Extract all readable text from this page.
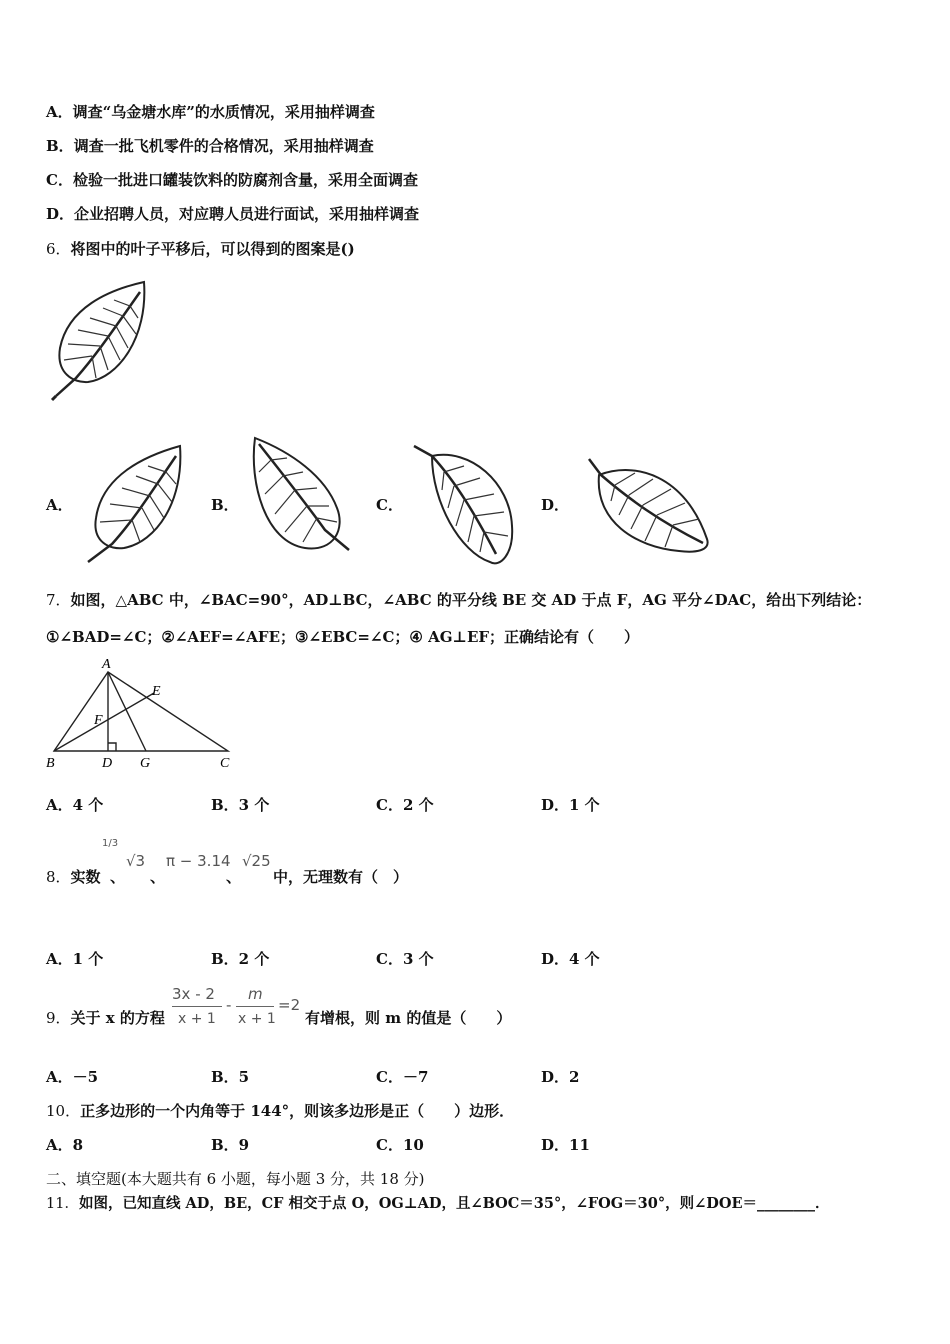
A．调查“乌金塘水库”的水质情况，采用抽样调查
B．调查一批飞机零件的合格情况，采用抽样调查
C．检验一批进口罐装饮料的防腐剂含量，采用全面调查
D．企业招聘人员，对应聘人员进行面试，采用抽样调查
6．将图中的叶子平移后，可以得到的图案是()
A．	B．	C．	D．
7．如图，△ABC 中，∠BAC=90°，AD⊥BC，∠ABC 的平分线 BE 交 AD 于点 F，AG 平分∠DAC，给出下列结论：
①∠BAD=∠C；②∠AEF=∠AFE；③∠EBC=∠C；④ AG⊥EF；正确结论有（　　）
A
B	D G	C
E
F
A．4 个	B．3 个	C．2 个	D．1 个
8．实数
1/3
、
√3
、
π − 3.14
、
√25
中，无理数有（　）
A．1 个	B．2 个	C．3 个	D．4 个
9．关于 x 的方程
3x - 2
x + 1
-
m
x + 1
=2
有增根，则 m 的值是（　　）
A．－5	B．5	C．－7	D．2
10．正多边形的一个内角等于 144°，则该多边形是正（　　）边形．
A．8	B．9	C．10	D．11
二、填空题(本大题共有 6 小题，每小题 3 分，共 18 分)
11．如图，已知直线 AD，BE，CF 相交于点 O，OG⊥AD，且∠BOC＝35°，∠FOG＝30°，则∠DOE＝________．
